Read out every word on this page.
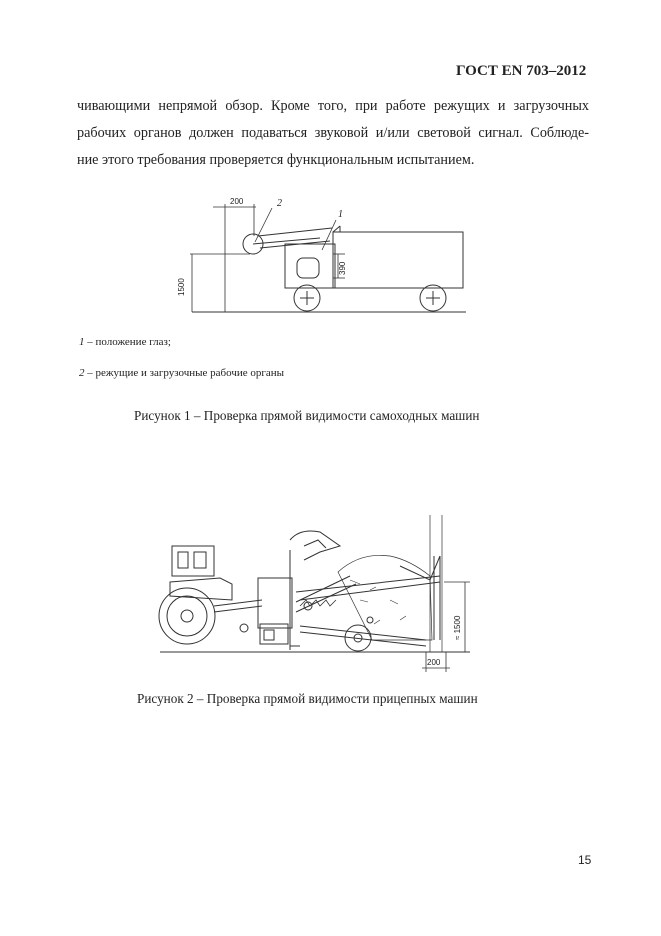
ГОСТ EN 703–2012
чивающими непрямой обзор. Кроме того, при работе режущих и загрузочных
рабочих органов должен подаваться звуковой и/или световой сигнал. Соблюде-
ние этого требования проверяется функциональным испытанием.
200
1500
390
2
1
1 – положение глаз;
2 – режущие и загрузочные рабочие органы
Рисунок 1 – Проверка прямой видимости самоходных машин
≈ 1500
200
Рисунок 2 – Проверка прямой видимости прицепных машин
15
